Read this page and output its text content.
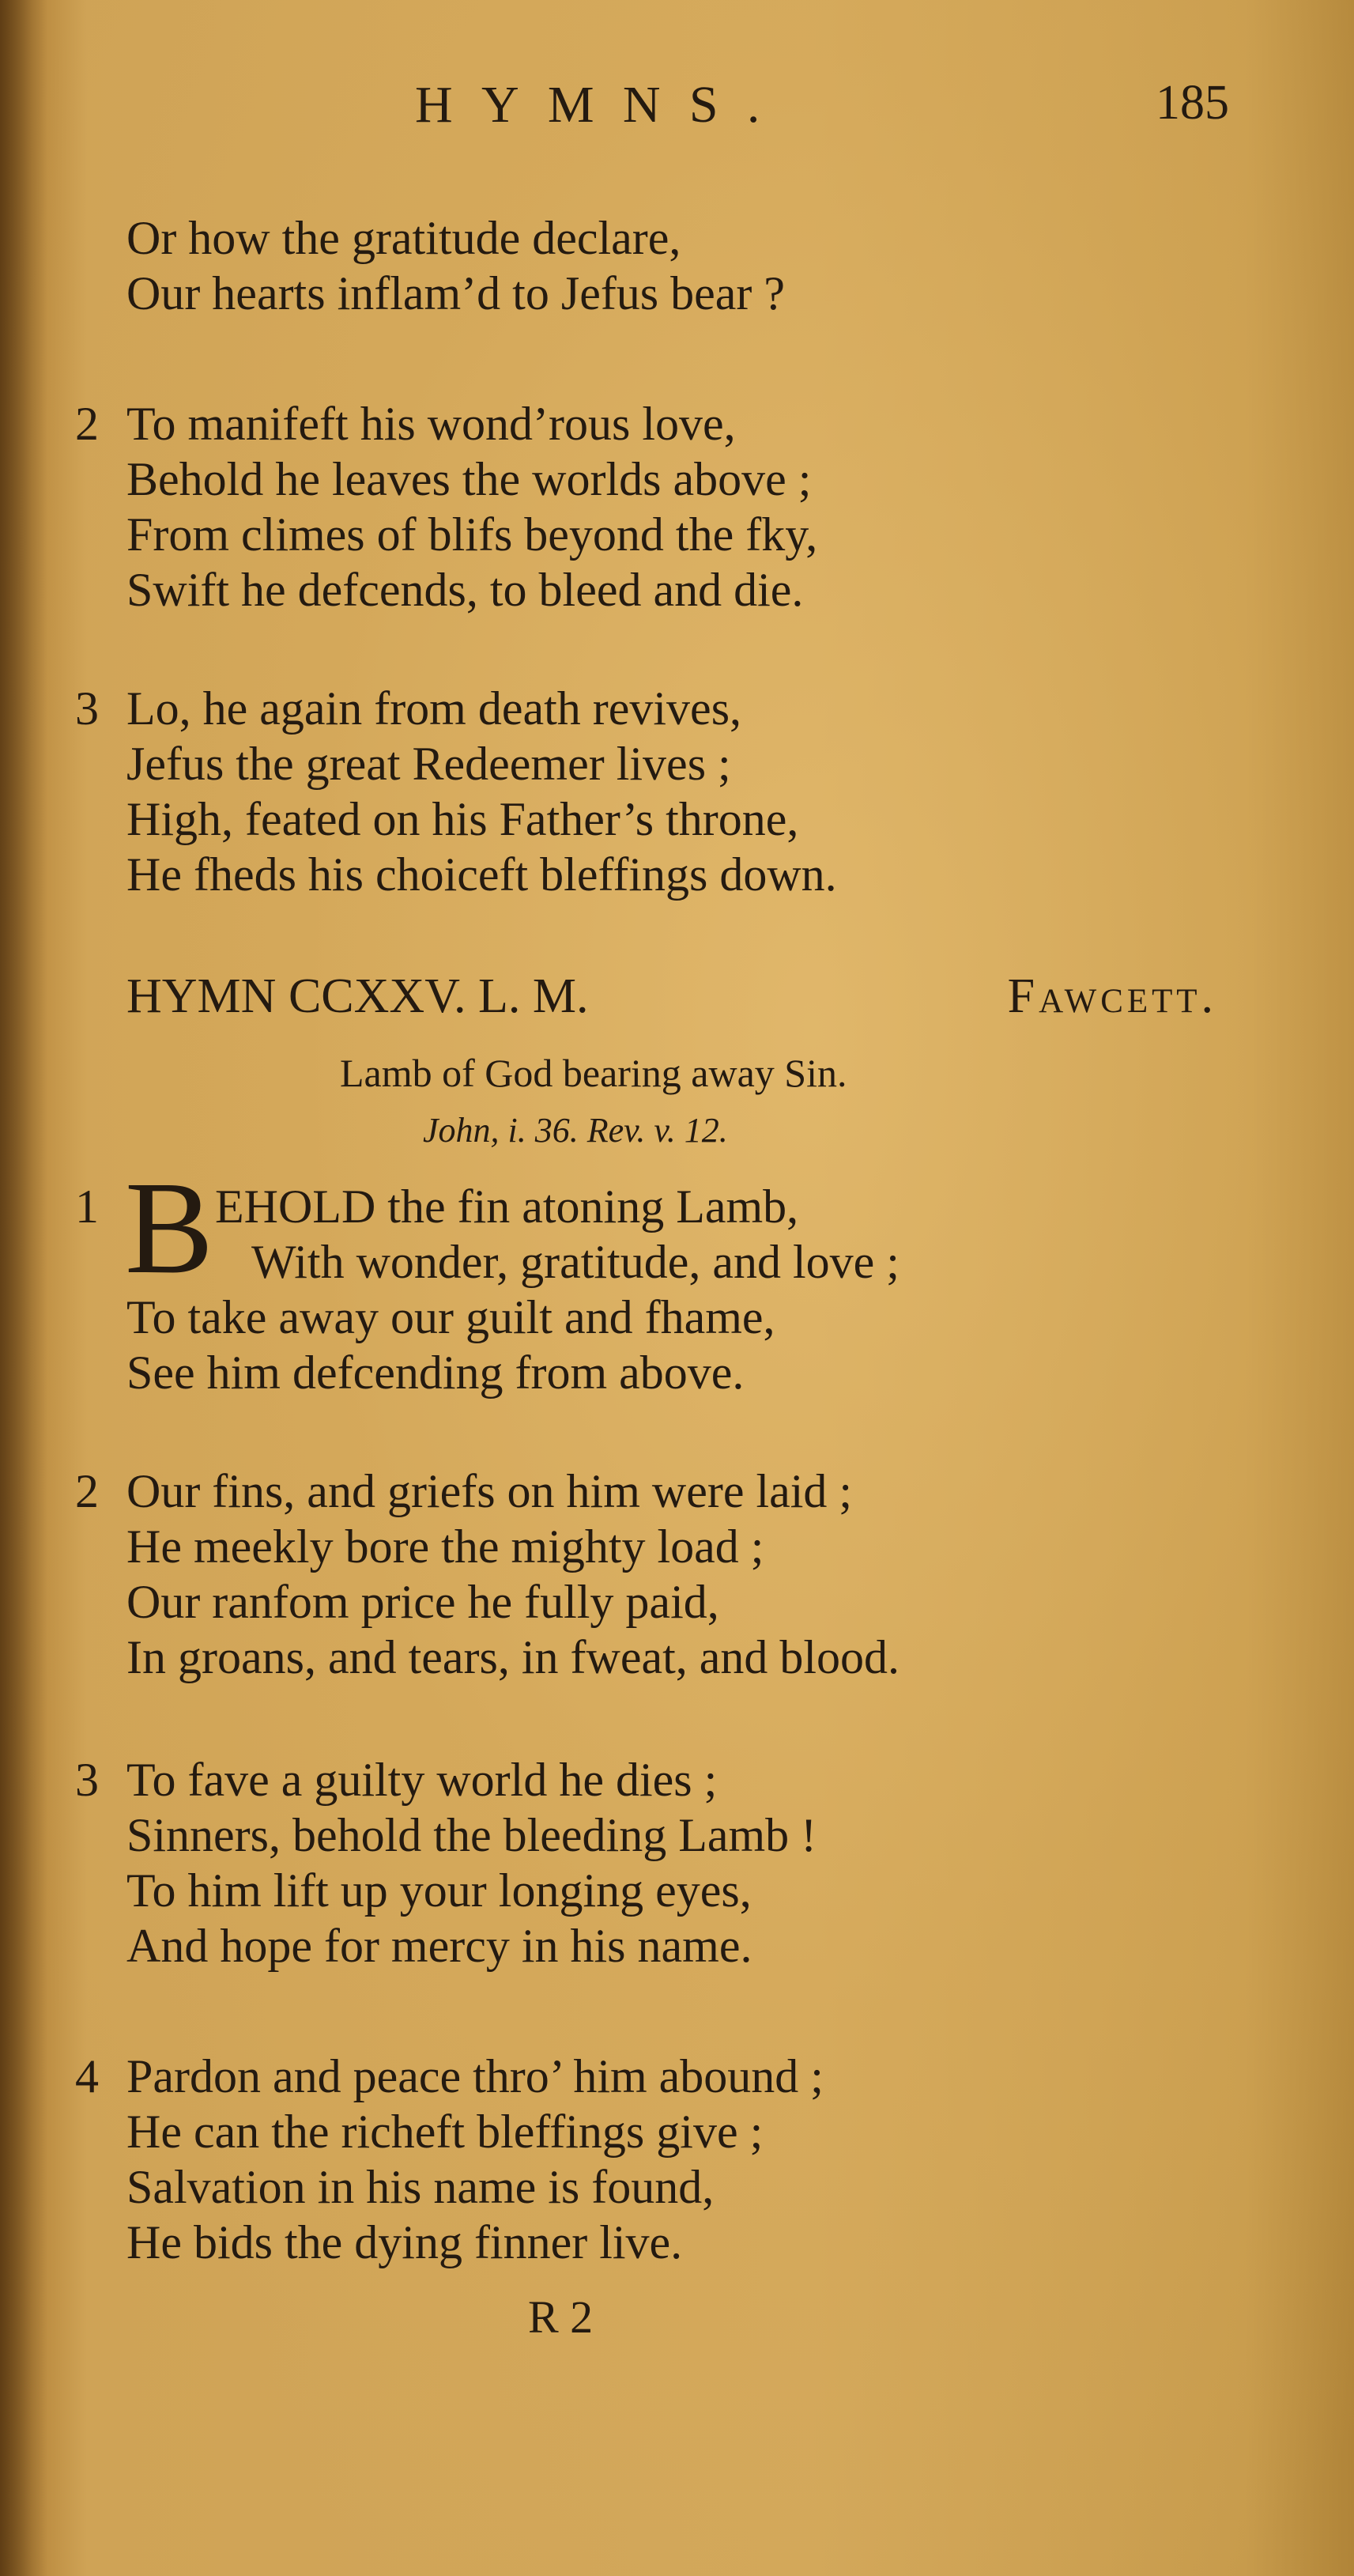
HYMNS.	185
Or how the gratitude declare,
Our hearts inflam’d to Jefus bear ?
2 To manifeft his wond’rous love,
Behold he leaves the worlds above ;
From climes of blifs beyond the fky,
Swift he defcends, to bleed and die.
3 Lo, he again from death revives,
Jefus the great Redeemer lives ;
High, feated on his Father’s throne,
He fheds his choiceft bleffings down.
HYMN CCXXV. L. M.	Fawcett.
Lamb of God bearing away Sin.
John, i. 36. Rev. v. 12.
1 B EHOLD the fin atoning Lamb,
With wonder, gratitude, and love ;
To take away our guilt and fhame,
See him defcending from above.
2 Our fins, and griefs on him were laid ;
He meekly bore the mighty load ;
Our ranfom price he fully paid,
In groans, and tears, in fweat, and blood.
3 To fave a guilty world he dies ;
Sinners, behold the bleeding Lamb !
To him lift up your longing eyes,
And hope for mercy in his name.
4 Pardon and peace thro’ him abound ;
He can the richeft bleffings give ;
Salvation in his name is found,
He bids the dying finner live.
R 2
